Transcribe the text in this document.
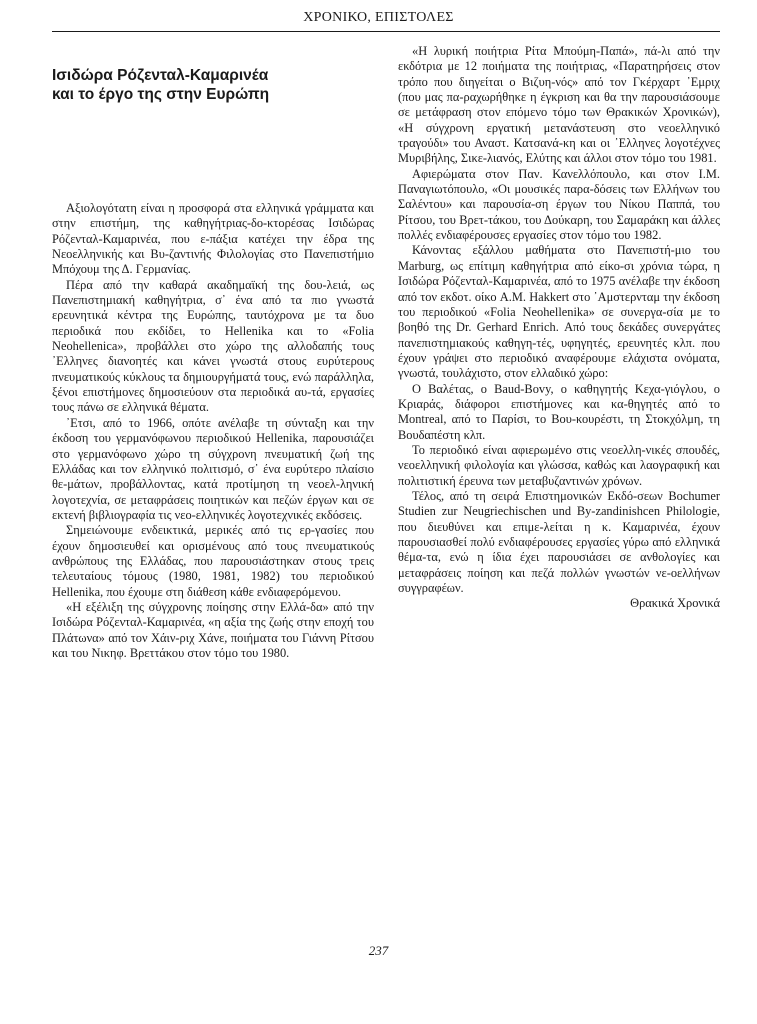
ΧΡΟΝΙΚΟ, ΕΠΙΣΤΟΛΕΣ
Ισιδώρα Ρόζενταλ-Καμαρινέα
και το έργο της στην Ευρώπη

Αξιολογότατη είναι η προσφορά στα ελληνικά γράμματα και στην επιστήμη, της καθηγήτριας-δο-κτορέσας Ισιδώρας Ρόζενταλ-Καμαρινέα, που ε-πάξια κατέχει την έδρα της Νεοελληνικής και Βυ-ζαντινής Φιλολογίας στο Πανεπιστήμιο Μπόχουμ της Δ. Γερμανίας.

Πέρα από την καθαρά ακαδημαϊκή της δου-λειά, ως Πανεπιστημιακή καθηγήτρια, σ᾿ ένα από τα πιο γνωστά ερευνητικά κέντρα της Ευρώπης, ταυτόχρονα με τα δυο περιοδικά που εκδίδει, το Hellenika και το «Folia Neohellenica», προβάλλει στο χώρο της αλλοδαπής τους ᾿Ελληνες διανοητές και κάνει γνωστά στους ευρύτερους πνευματικούς κύκλους τα δημιουργήματά τους, ενώ παράλληλα, ξένοι επιστήμονες δημοσιεύουν στα περιοδικά αυ-τά, εργασίες τους πάνω σε ελληνικά θέματα.

᾿Ετσι, από το 1966, οπότε ανέλαβε τη σύνταξη και την έκδοση του γερμανόφωνου περιοδικού Hellenika, παρουσιάζει στο γερμανόφωνο χώρο τη σύγχρονη πνευματική ζωή της Ελλάδας και τον ελληνικό πολιτισμό, σ᾿ ένα ευρύτερο πλαίσιο θε-μάτων, προβάλλοντας, κατά προτίμηση τη νεοελ-ληνική λογοτεχνία, σε μεταφράσεις ποιητικών και πεζών έργων και σε εκτενή βιβλιογραφία τις νεο-ελληνικές λογοτεχνικές εκδόσεις.

Σημειώνουμε ενδεικτικά, μερικές από τις ερ-γασίες που έχουν δημοσιευθεί και ορισμένους από τους πνευματικούς ανθρώπους της Ελλάδας, που παρουσιάστηκαν στους τρεις τελευταίους τόμους (1980, 1981, 1982) του περιοδικού Hellenika, που έχουμε στη διάθεση κάθε ενδιαφερόμενου.

«Η εξέλιξη της σύγχρονης ποίησης στην Ελλά-δα» από την Ισιδώρα Ρόζενταλ-Καμαρινέα, «η αξία της ζωής στην εποχή του Πλάτωνα» από τον Χάιν-ριχ Χάνε, ποιήματα του Γιάννη Ρίτσου και του Νικηφ. Βρεττάκου στον τόμο του 1980.

«Η λυρική ποιήτρια Ρίτα Μπούμη-Παπά», πά-λι από την εκδότρια με 12 ποιήματα της ποιήτριας, «Παρατηρήσεις στον τρόπο που διηγείται ο Βιζυη-νός» από τον Γκέρχαρτ ᾿Εμριχ (που μας πα-ραχωρήθηκε η έγκριση και θα την παρουσιάσουμε σε μετάφραση στον επόμενο τόμο των Θρακικών Χρονικών), «Η σύγχρονη εργατική μετανάστευση στο νεοελληνικό τραγούδι» του Αναστ. Κατσανά-κη και οι ᾿Ελληνες λογοτέχνες Μυριβήλης, Σικε-λιανός, Ελύτης και άλλοι στον τόμο του 1981.

Αφιερώματα στον Παν. Κανελλόπουλο, και στον Ι.Μ. Παναγιωτόπουλο, «Οι μουσικές παρα-δόσεις των Ελλήνων του Σαλέντου» και παρουσία-ση έργων του Νίκου Παππά, του Ρίτσου, του Βρετ-τάκου, του Δούκαρη, του Σαμαράκη και άλλες πολλές ενδιαφέρουσες εργασίες στον τόμο του 1982.

Κάνοντας εξάλλου μαθήματα στο Πανεπιστή-μιο του Marburg, ως επίτιμη καθηγήτρια από είκο-σι χρόνια τώρα, η Ισιδώρα Ρόζενταλ-Καμαρινέα, από το 1975 ανέλαβε την έκδοση από τον εκδοτ. οίκο A.M. Hakkert στο ᾿Αμστερνταμ την έκδοση του περιοδικού «Folia Neohellenika» σε συνεργα-σία με το βοηθό της Dr. Gerhard Enrich. Από τους δεκάδες συνεργάτες πανεπιστημιακούς καθηγη-τές, υφηγητές, ερευνητές κλπ. που έχουν γράψει στο περιοδικό αναφέρουμε ελάχιστα ονόματα, γνωστά, τουλάχιστο, στον ελλαδικό χώρο:

Ο Βαλέτας, ο Baud-Bovy, ο καθηγητής Κεχα-γιόγλου, ο Κριαράς, διάφοροι επιστήμονες και κα-θηγητές από το Montreal, από το Παρίσι, το Βου-κουρέστι, τη Στοκχόλμη, τη Βουδαπέστη κλπ.

Το περιοδικό είναι αφιερωμένο στις νεοελλη-νικές σπουδές, νεοελληνική φιλολογία και γλώσσα, καθώς και λαογραφική και πολιτιστική έρευνα των μεταβυζαντινών χρόνων.

Τέλος, από τη σειρά Επιστημονικών Εκδό-σεων Bochumer Studien zur Neugriechischen und By-zandinishcen Philologie, που διευθύνει και επιμε-λείται η κ. Καμαρινέα, έχουν παρουσιασθεί πολύ ενδιαφέρουσες εργασίες γύρω από ελληνικά θέμα-τα, ενώ η ίδια έχει παρουσιάσει σε ανθολογίες και μεταφράσεις ποίηση και πεζά πολλών γνωστών νε-οελλήνων συγγραφέων.

Θρακικά Χρονικά

237
